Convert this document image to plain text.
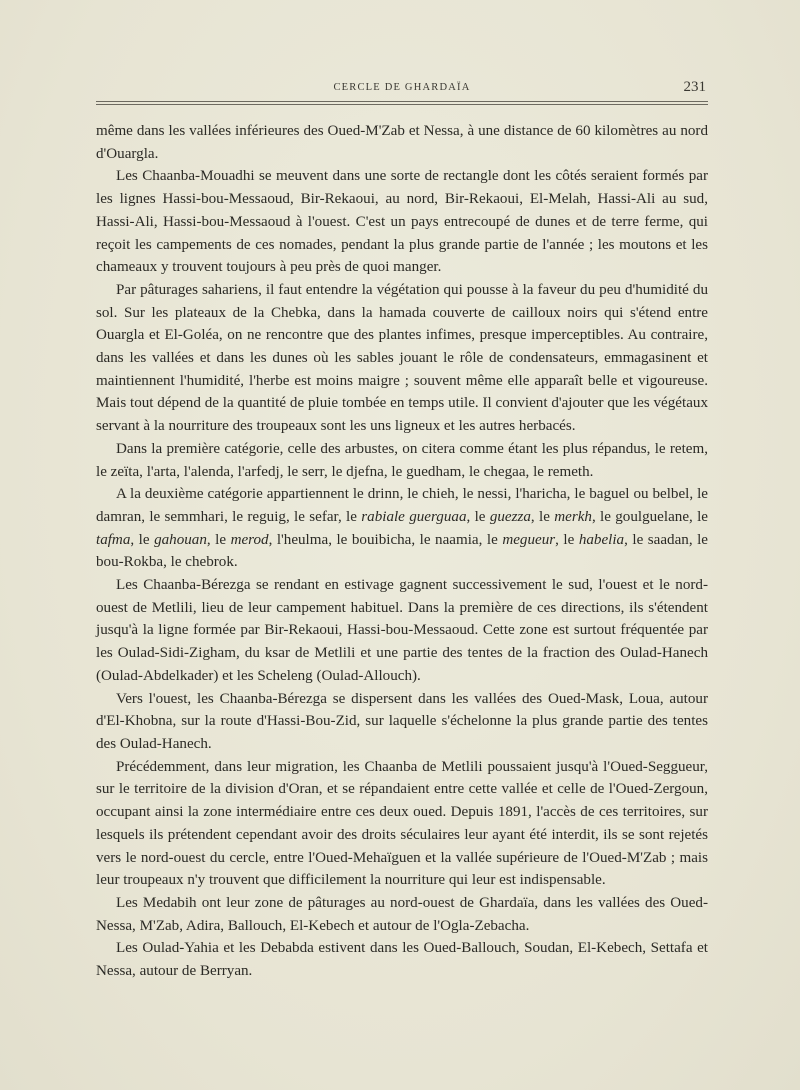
CERCLE DE GHARDAÏA	231

même dans les vallées inférieures des Oued-M'Zab et Nessa, à une distance de 60 kilomètres au nord d'Ouargla.

Les Chaanba-Mouadhi se meuvent dans une sorte de rectangle dont les côtés seraient formés par les lignes Hassi-bou-Messaoud, Bir-Rekaoui, au nord, Bir-Rekaoui, El-Melah, Hassi-Ali au sud, Hassi-Ali, Hassi-bou-Messaoud à l'ouest. C'est un pays entrecoupé de dunes et de terre ferme, qui reçoit les campements de ces nomades, pendant la plus grande partie de l'année ; les moutons et les chameaux y trouvent toujours à peu près de quoi manger.

Par pâturages sahariens, il faut entendre la végétation qui pousse à la faveur du peu d'humidité du sol. Sur les plateaux de la Chebka, dans la hamada couverte de cailloux noirs qui s'étend entre Ouargla et El-Goléa, on ne rencontre que des plantes infimes, presque imperceptibles. Au contraire, dans les vallées et dans les dunes où les sables jouant le rôle de condensateurs, emmagasinent et maintiennent l'humidité, l'herbe est moins maigre ; souvent même elle apparaît belle et vigoureuse. Mais tout dépend de la quantité de pluie tombée en temps utile. Il convient d'ajouter que les végétaux servant à la nourriture des troupeaux sont les uns ligneux et les autres herbacés.

Dans la première catégorie, celle des arbustes, on citera comme étant les plus répandus, le retem, le zeïta, l'arta, l'alenda, l'arfedj, le serr, le djefna, le guedham, le chegaa, le remeth.

A la deuxième catégorie appartiennent le drinn, le chieh, le nessi, l'haricha, le baguel ou belbel, le damran, le semmhari, le reguig, le sefar, le rabiale guerguaa, le guezza, le merkh, le goulguelane, le tafma, le gahouan, le merod, l'heulma, le bouibicha, le naamia, le megueur, le habelia, le saadan, le bou-Rokba, le chebrok.

Les Chaanba-Bérezga se rendant en estivage gagnent successivement le sud, l'ouest et le nord-ouest de Metlili, lieu de leur campement habituel. Dans la première de ces directions, ils s'étendent jusqu'à la ligne formée par Bir-Rekaoui, Hassi-bou-Messaoud. Cette zone est surtout fréquentée par les Oulad-Sidi-Zigham, du ksar de Metlili et une partie des tentes de la fraction des Oulad-Hanech (Oulad-Abdelkader) et les Scheleng (Oulad-Allouch).

Vers l'ouest, les Chaanba-Bérezga se dispersent dans les vallées des Oued-Mask, Loua, autour d'El-Khobna, sur la route d'Hassi-Bou-Zid, sur laquelle s'échelonne la plus grande partie des tentes des Oulad-Hanech.

Précédemment, dans leur migration, les Chaanba de Metlili poussaient jusqu'à l'Oued-Seggueur, sur le territoire de la division d'Oran, et se répandaient entre cette vallée et celle de l'Oued-Zergoun, occupant ainsi la zone intermédiaire entre ces deux oued. Depuis 1891, l'accès de ces territoires, sur lesquels ils prétendent cependant avoir des droits séculaires leur ayant été interdit, ils se sont rejetés vers le nord-ouest du cercle, entre l'Oued-Mehaïguen et la vallée supérieure de l'Oued-M'Zab ; mais leur troupeaux n'y trouvent que difficilement la nourriture qui leur est indispensable.

Les Medabih ont leur zone de pâturages au nord-ouest de Ghardaïa, dans les vallées des Oued-Nessa, M'Zab, Adira, Ballouch, El-Kebech et autour de l'Ogla-Zebacha.

Les Oulad-Yahia et les Debabda estivent dans les Oued-Ballouch, Soudan, El-Kebech, Settafa et Nessa, autour de Berryan.
